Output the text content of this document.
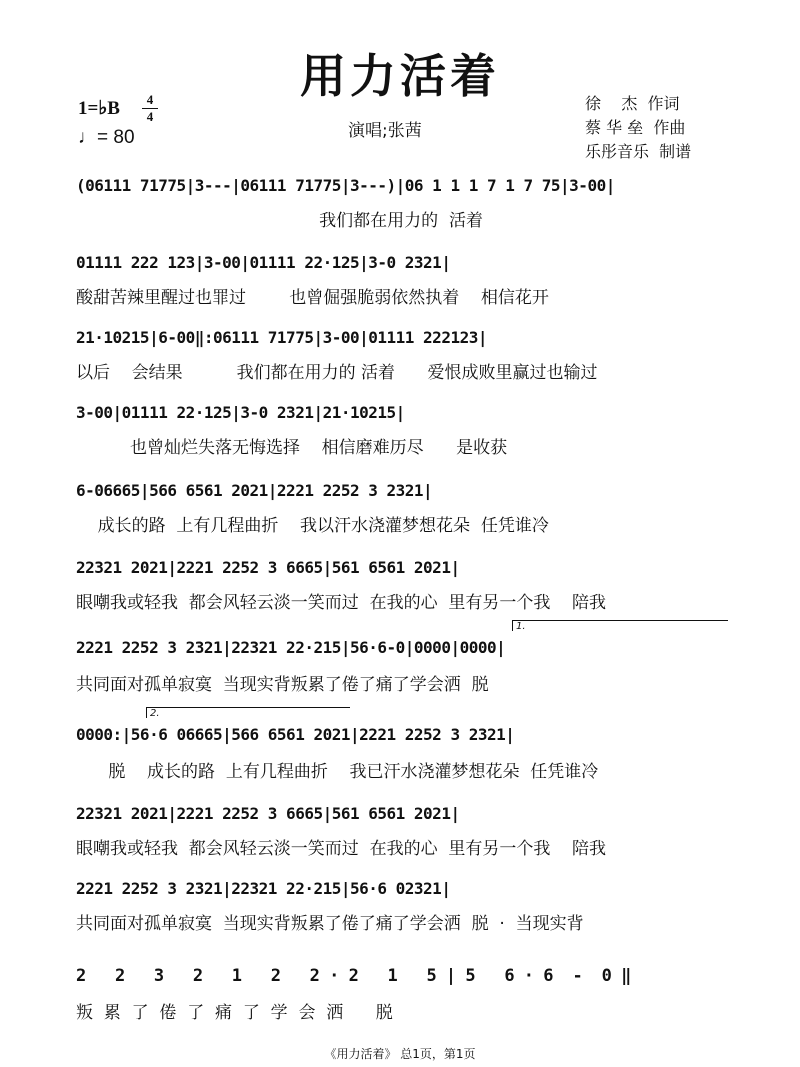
用力活着
1=♭B	4
4
♩= 80	演唱;张茜
徐    杰  作词
蔡 华 垒  作曲
乐彤音乐  制谱
(06111 71775|3---|06111 71775|3---)|06 1 1 1 7 1 7 75|3-00|
我们都在用力的  活着
01111 222 123|3-00|01111 22·125|3-0 2321|
酸甜苦辣里醒过也罪过        也曾倔强脆弱依然执着    相信花开
21·10215|6-00‖:06111 71775|3-00|01111 222123|
以后    会结果          我们都在用力的 活着      爱恨成败里赢过也输过
3-00|01111 22·125|3-0 2321|21·10215|
也曾灿烂失落无悔选择    相信磨难历尽      是收获
6-06665|566 6561 2021|2221 2252 3 2321|
成长的路  上有几程曲折    我以汗水浇灌梦想花朵  任凭谁冷
22321 2021|2221 2252 3 6665|561 6561 2021|
眼嘲我或轻我  都会风轻云淡一笑而过  在我的心  里有另一个我    陪我
1.
2221 2252 3 2321|22321 22·215|56·6-0|0000|0000|
共同面对孤单寂寞  当现实背叛累了倦了痛了学会洒  脱
2.
0000:|56·6 06665|566 6561 2021|2221 2252 3 2321|
脱    成长的路  上有几程曲折    我已汗水浇灌梦想花朵  任凭谁冷
22321 2021|2221 2252 3 6665|561 6561 2021|
眼嘲我或轻我  都会风轻云淡一笑而过  在我的心  里有另一个我    陪我
2221 2252 3 2321|22321 22·215|56·6 02321|
共同面对孤单寂寞  当现实背叛累了倦了痛了学会洒  脱  ·  当现实背
2   2   3   2   1   2   2 · 2   1   5 | 5   6 · 6  -  0 ‖
叛  累  了  倦  了  痛  了  学  会  洒      脱
《用力活着》 总1页，第1页
